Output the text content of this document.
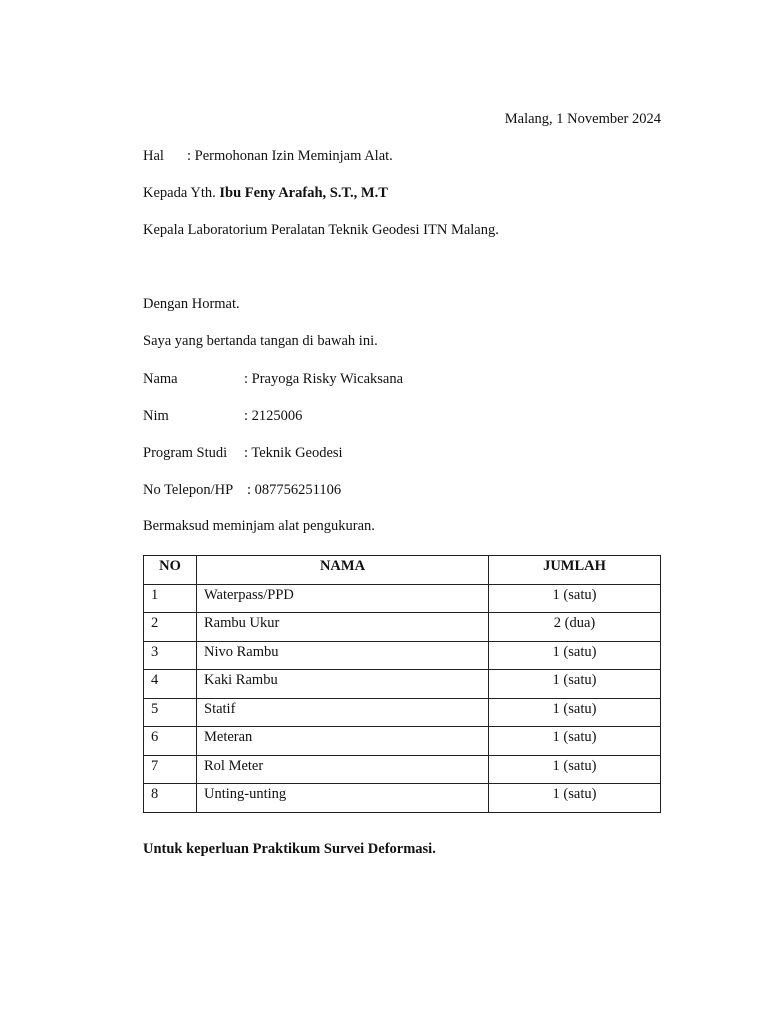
Malang, 1 November 2024
Hal : Permohonan Izin Meminjam Alat.
Kepada Yth. Ibu Feny Arafah, S.T., M.T
Kepala Laboratorium Peralatan Teknik Geodesi ITN Malang.
Dengan Hormat.
Saya yang bertanda tangan di bawah ini.
Nama	: Prayoga Risky Wicaksana
Nim	: 2125006
Program Studi : Teknik Geodesi
No Telepon/HP : 087756251106
Bermaksud meminjam alat pengukuran.
NO	NAMA	JUMLAH
1	Waterpass/PPD	1 (satu)
2	Rambu Ukur	2 (dua)
3	Nivo Rambu	1 (satu)
4	Kaki Rambu	1 (satu)
5	Statif	1 (satu)
6	Meteran	1 (satu)
7	Rol Meter	1 (satu)
8	Unting-unting	1 (satu)
Untuk keperluan Praktikum Survei Deformasi.
